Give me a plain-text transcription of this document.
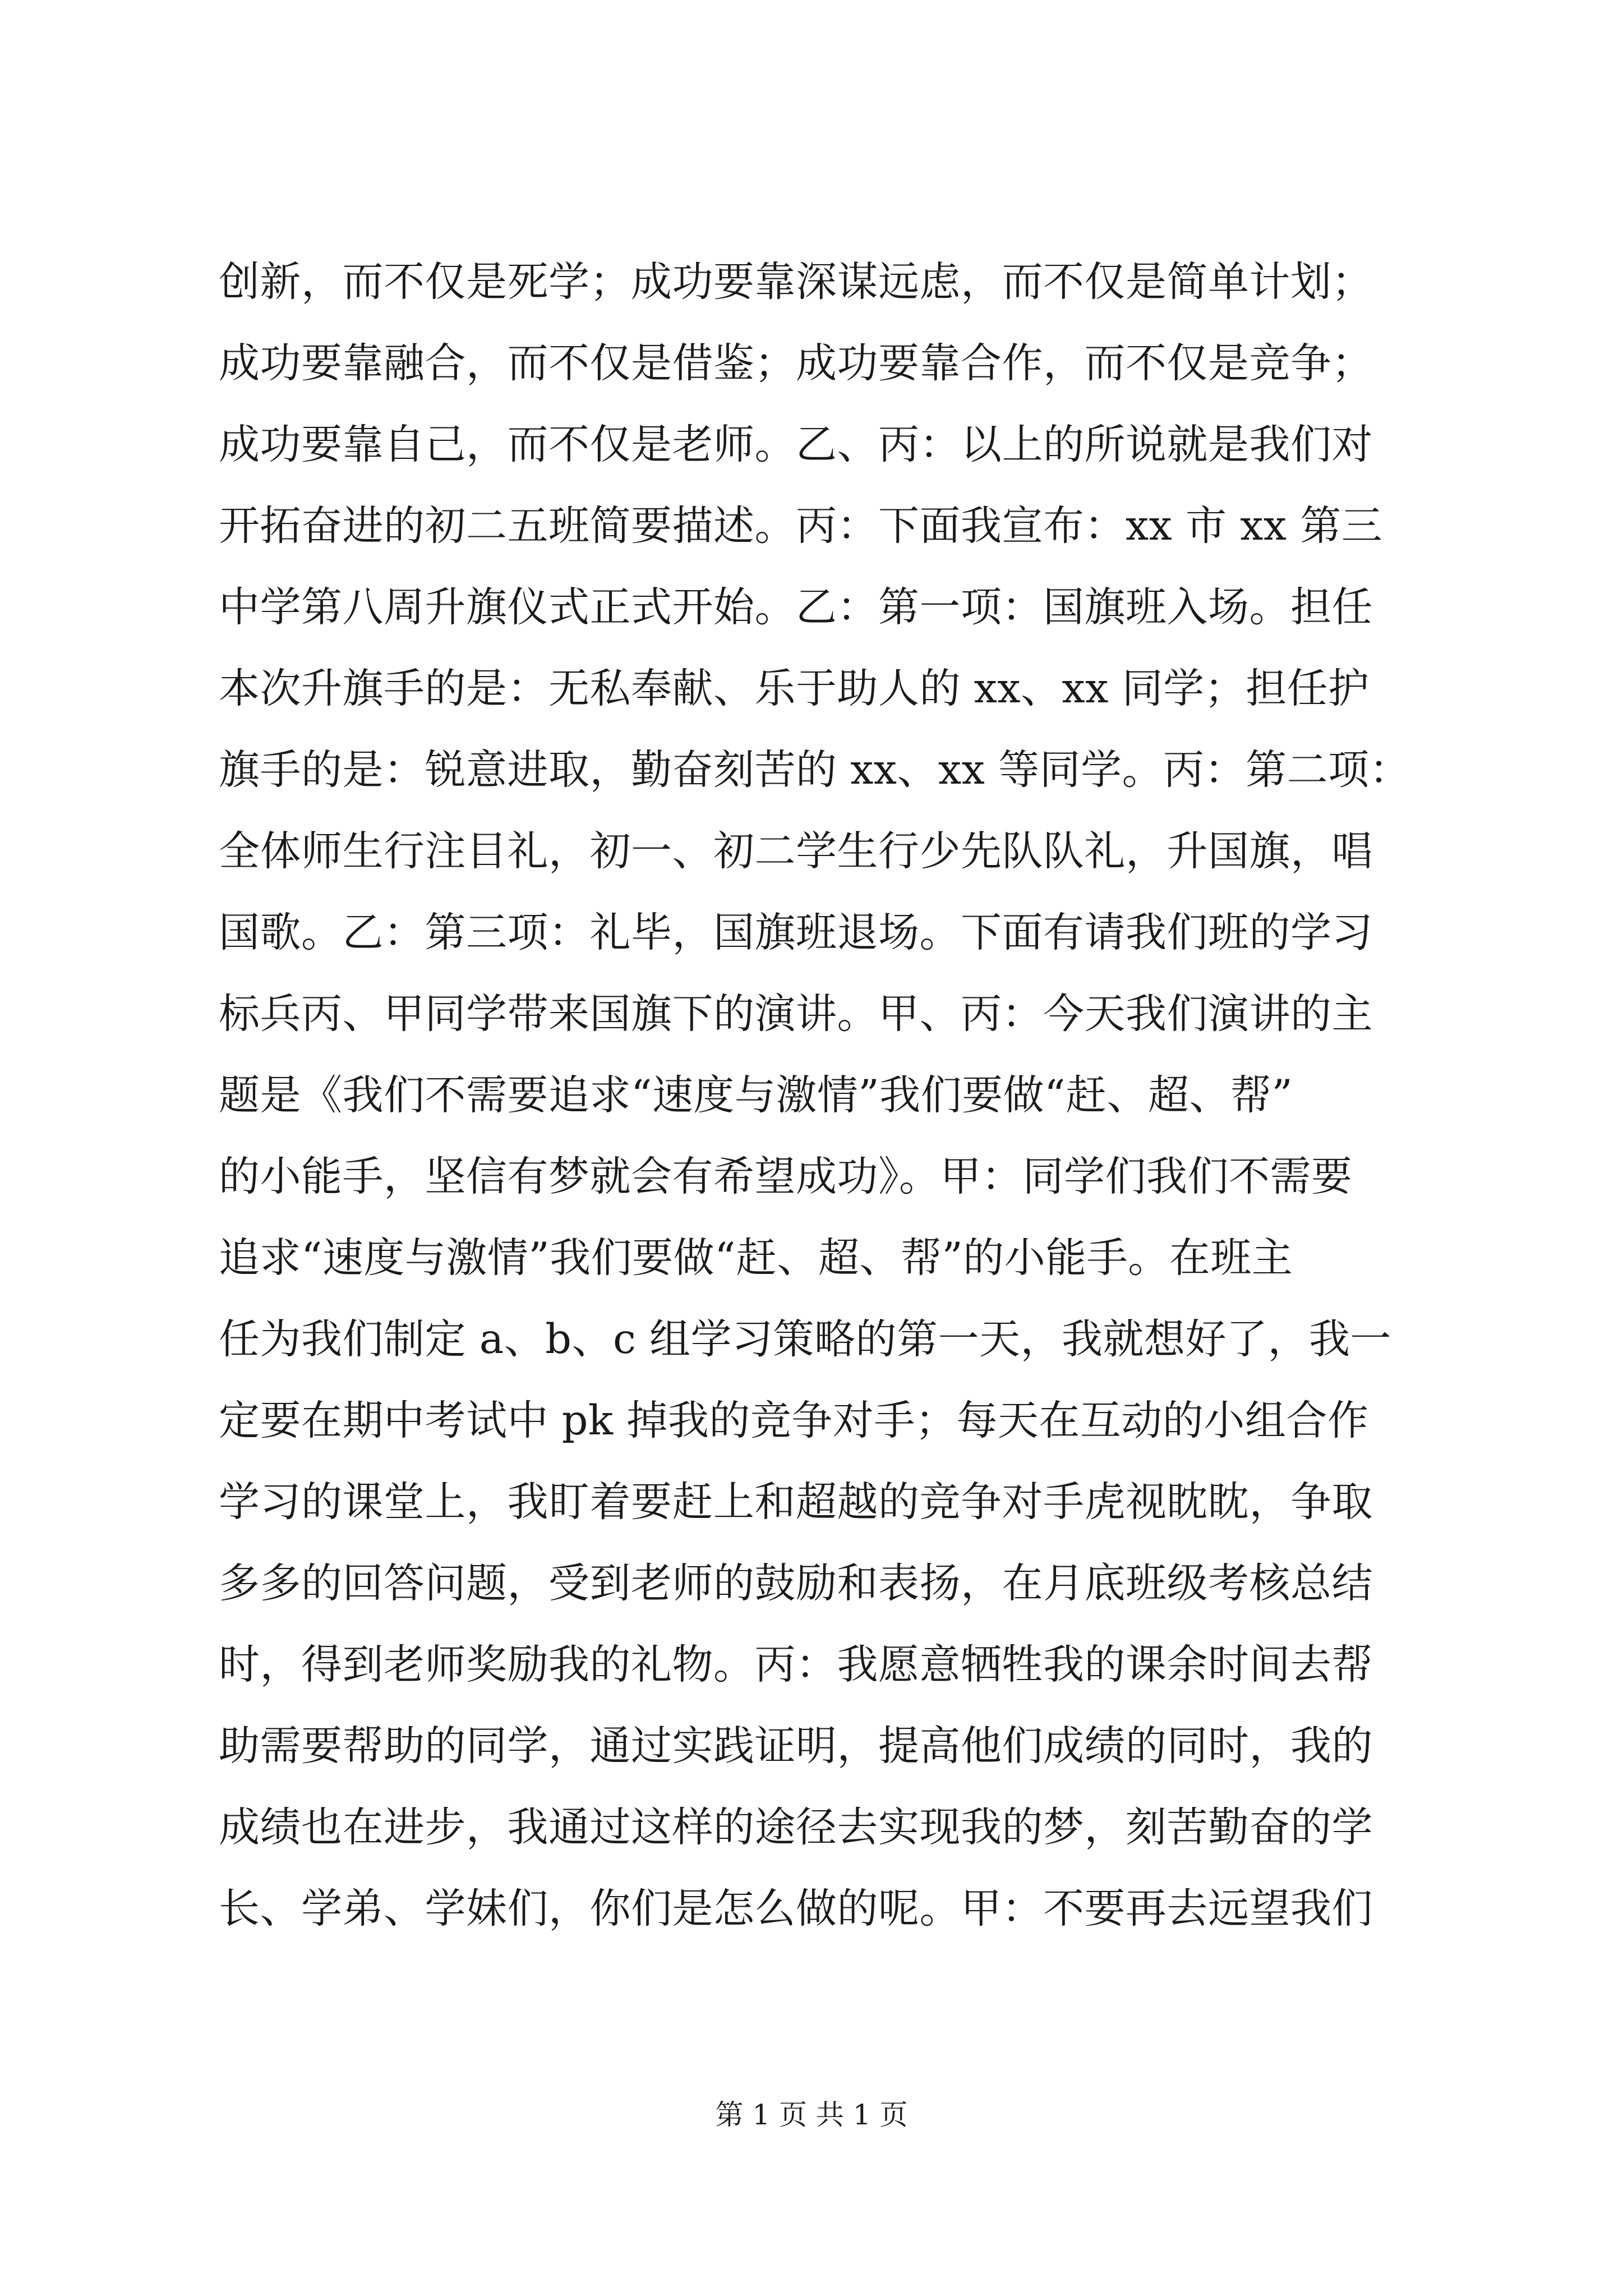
创新，而不仅是死学；成功要靠深谋远虑，而不仅是简单计划；
成功要靠融合，而不仅是借鉴；成功要靠合作，而不仅是竞争；
成功要靠自己，而不仅是老师。乙、丙：以上的所说就是我们对
开拓奋进的初二五班简要描述。丙：下面我宣布：xx 市 xx 第三
中学第八周升旗仪式正式开始。乙：第一项：国旗班入场。担任
本次升旗手的是：无私奉献、乐于助人的 xx、xx 同学；担任护
旗手的是：锐意进取，勤奋刻苦的 xx、xx 等同学。丙：第二项：
全体师生行注目礼，初一、初二学生行少先队队礼，升国旗，唱
国歌。乙：第三项：礼毕，国旗班退场。下面有请我们班的学习
标兵丙、甲同学带来国旗下的演讲。甲、丙：今天我们演讲的主
题是《我们不需要追求“速度与激情”我们要做“赶、超、帮”
的小能手，坚信有梦就会有希望成功》。甲：同学们我们不需要
追求“速度与激情”我们要做“赶、超、帮”的小能手。在班主
任为我们制定 a、b、c 组学习策略的第一天，我就想好了，我一
定要在期中考试中 pk 掉我的竞争对手；每天在互动的小组合作
学习的课堂上，我盯着要赶上和超越的竞争对手虎视眈眈，争取
多多的回答问题，受到老师的鼓励和表扬，在月底班级考核总结
时，得到老师奖励我的礼物。丙：我愿意牺牲我的课余时间去帮
助需要帮助的同学，通过实践证明，提高他们成绩的同时，我的
成绩也在进步，我通过这样的途径去实现我的梦，刻苦勤奋的学
长、学弟、学妹们，你们是怎么做的呢。甲：不要再去远望我们
第 1 页 共 1 页
